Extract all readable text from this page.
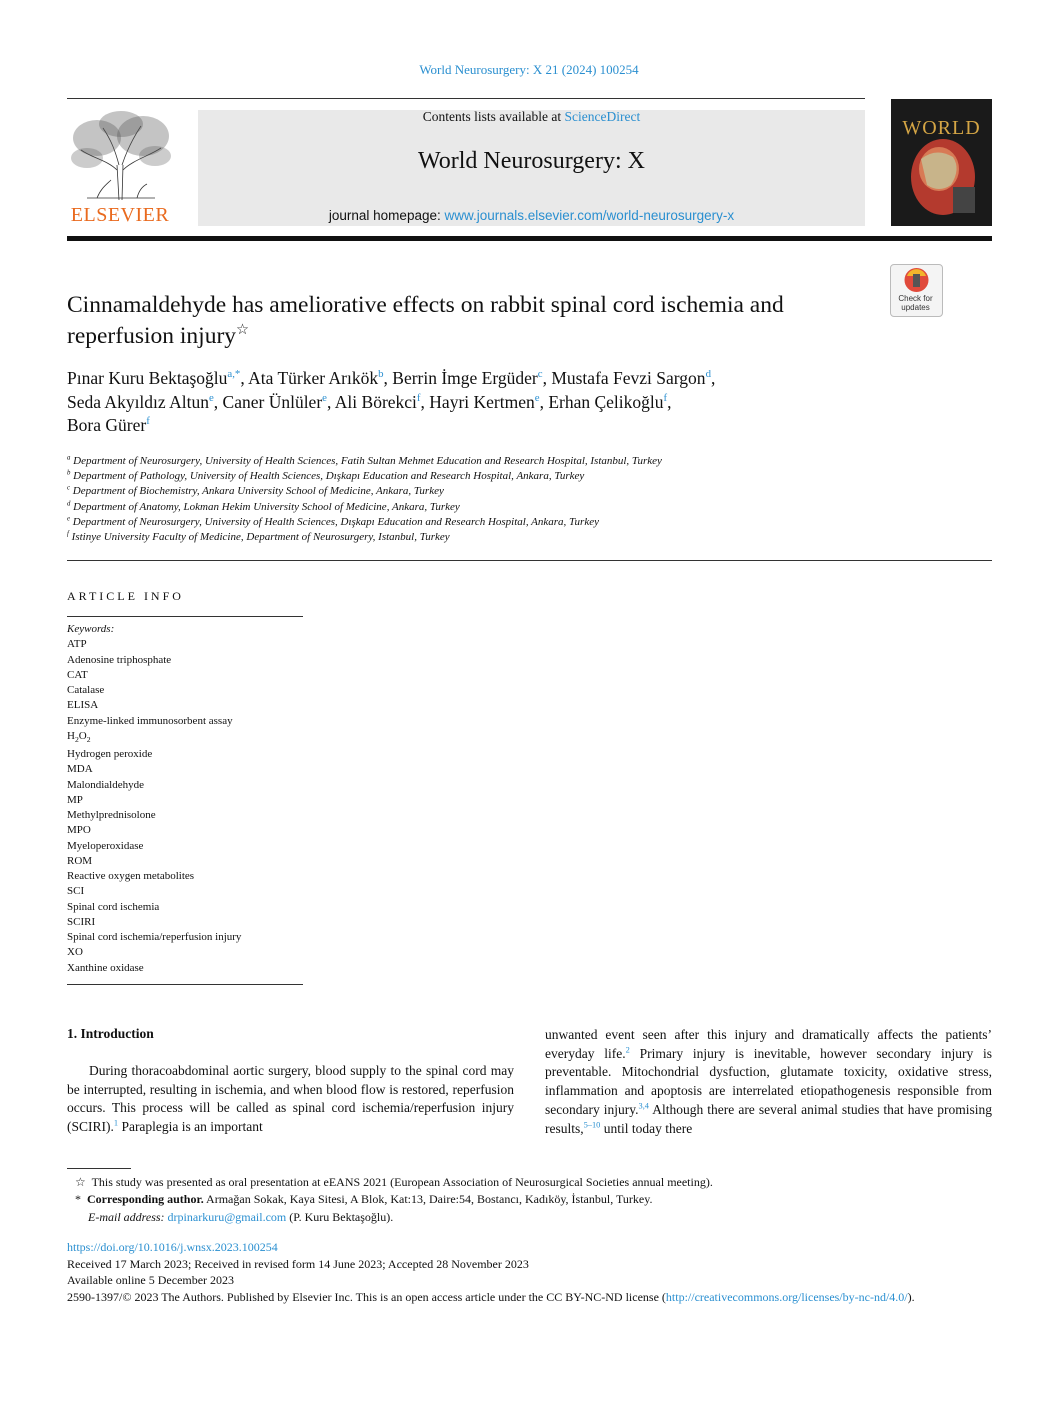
World Neurosurgery: X 21 (2024) 100254
ELSEVIER
Contents lists available at ScienceDirect
World Neurosurgery: X
journal homepage: www.journals.elsevier.com/world-neurosurgery-x
WORLD
Check for updates
Cinnamaldehyde has ameliorative effects on rabbit spinal cord ischemia and reperfusion injury☆
Pınar Kuru Bektaşoğlu$^{a,*}$, Ata Türker Arıkök$^b$, Berrin İmge Ergüder$^c$, Mustafa Fevzi Sargon$^d$,
Seda Akyıldız Altun$^e$, Caner Ünlüler$^e$, Ali Börekci$^f$, Hayri Kertmen$^e$, Erhan Çelikoğlu$^f$,
Bora Gürer$^f$
$^a$ Department of Neurosurgery, University of Health Sciences, Fatih Sultan Mehmet Education and Research Hospital, Istanbul, Turkey
$^b$ Department of Pathology, University of Health Sciences, Dışkapı Education and Research Hospital, Ankara, Turkey
$^c$ Department of Biochemistry, Ankara University School of Medicine, Ankara, Turkey
$^d$ Department of Anatomy, Lokman Hekim University School of Medicine, Ankara, Turkey
$^e$ Department of Neurosurgery, University of Health Sciences, Dışkapı Education and Research Hospital, Ankara, Turkey
$^f$ Istinye University Faculty of Medicine, Department of Neurosurgery, Istanbul, Turkey
ARTICLE INFO
Keywords:
ATP
Adenosine triphosphate
CAT
Catalase
ELISA
Enzyme-linked immunosorbent assay
$H_2O_2$
Hydrogen peroxide
MDA
Malondialdehyde
MP
Methylprednisolone
MPO
Myeloperoxidase
ROM
Reactive oxygen metabolites
SCI
Spinal cord ischemia
SCIRI
Spinal cord ischemia/reperfusion injury
XO
Xanthine oxidase
1. Introduction
During thoracoabdominal aortic surgery, blood supply to the spinal cord may be interrupted, resulting in ischemia, and when blood flow is restored, reperfusion occurs. This process will be called as spinal cord ischemia/reperfusion injury (SCIRI).$^1$ Paraplegia is an important
unwanted event seen after this injury and dramatically affects the patients’ everyday life.$^2$ Primary injury is inevitable, however secondary injury is preventable. Mitochondrial dysfuction, glutamate toxicity, oxidative stress, inflammation and apoptosis are interrelated etiopathogenesis responsible from secondary injury.$^{3,4}$ Although there are several animal studies that have promising results,$^{5-10}$ until today there
☆ This study was presented as oral presentation at eEANS 2021 (European Association of Neurosurgical Societies annual meeting).
* Corresponding author. Armağan Sokak, Kaya Sitesi, A Blok, Kat:13, Daire:54, Bostancı, Kadıköy, İstanbul, Turkey.
E-mail address: drpinarkuru@gmail.com (P. Kuru Bektaşoğlu).
https://doi.org/10.1016/j.wnsx.2023.100254
Received 17 March 2023; Received in revised form 14 June 2023; Accepted 28 November 2023
Available online 5 December 2023
2590-1397/© 2023 The Authors. Published by Elsevier Inc. This is an open access article under the CC BY-NC-ND license (http://creativecommons.org/licenses/by-nc-nd/4.0/).
